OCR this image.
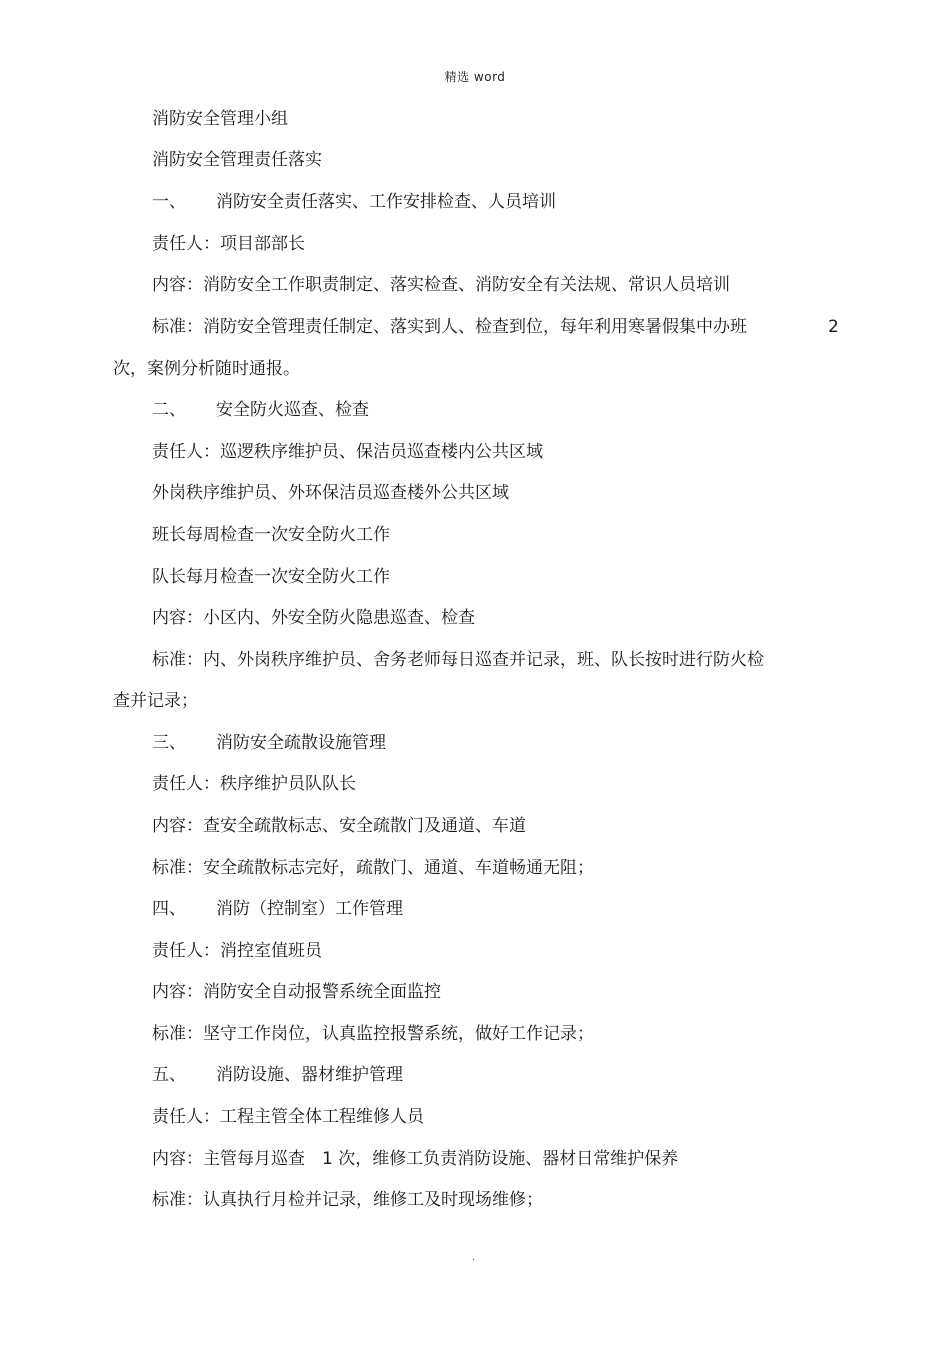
精选 word
消防安全管理小组
消防安全管理责任落实
一、 消防安全责任落实、工作安排检查、人员培训
责任人：项目部部长
内容：消防安全工作职责制定、落实检查、消防安全有关法规、常识人员培训
标准：消防安全管理责任制定、落实到人、检查到位，每年利用寒暑假集中办班	2
次，案例分析随时通报。
二、 安全防火巡查、检查
责任人：巡逻秩序维护员、保洁员巡查楼内公共区域
外岗秩序维护员、外环保洁员巡查楼外公共区域
班长每周检查一次安全防火工作
队长每月检查一次安全防火工作
内容：小区内、外安全防火隐患巡查、检查
标准：内、外岗秩序维护员、舍务老师每日巡查并记录，班、队长按时进行防火检
查并记录；
三、 消防安全疏散设施管理
责任人：秩序维护员队队长
内容：查安全疏散标志、安全疏散门及通道、车道
标准：安全疏散标志完好，疏散门、通道、车道畅通无阻；
四、 消防（控制室）工作管理
责任人：消控室值班员
内容：消防安全自动报警系统全面监控
标准：坚守工作岗位，认真监控报警系统，做好工作记录；
五、 消防设施、器材维护管理
责任人：工程主管全体工程维修人员
内容：主管每月巡查　1 次，维修工负责消防设施、器材日常维护保养
标准：认真执行月检并记录，维修工及时现场维修；
.
